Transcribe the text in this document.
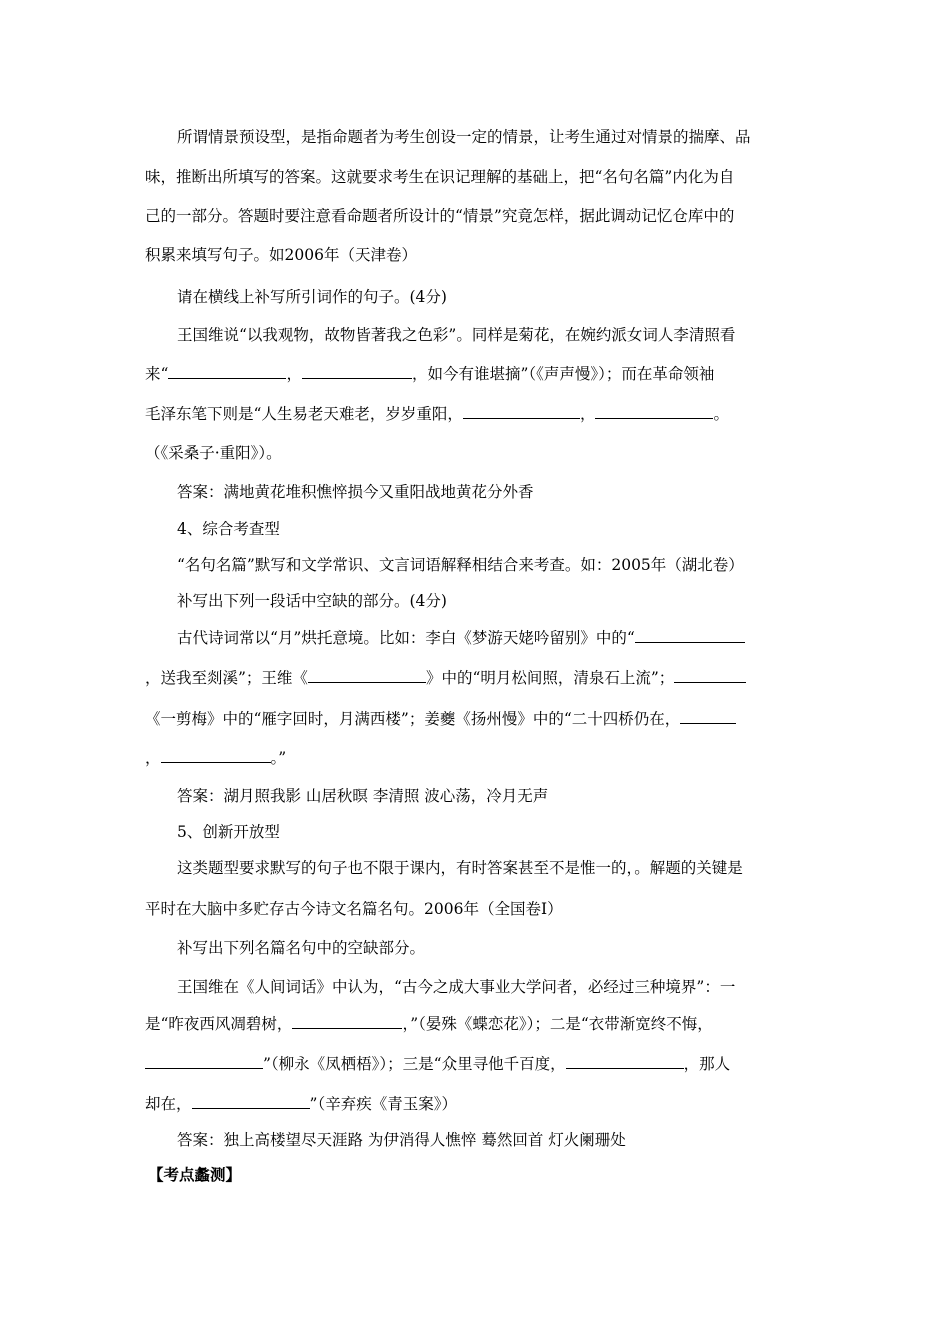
所谓情景预设型，是指命题者为考生创设一定的情景，让考生通过对情景的揣摩、品
味，推断出所填写的答案。这就要求考生在识记理解的基础上，把“名句名篇”内化为自
己的一部分。答题时要注意看命题者所设计的“情景”究竟怎样，据此调动记忆仓库中的
积累来填写句子。如2006年（天津卷）
请在横线上补写所引词作的句子。(4分)
王国维说“以我观物，故物皆著我之色彩”。同样是菊花，在婉约派女词人李清照看
来“	，	，如今有谁堪摘”（《声声慢》）；而在革命领袖
毛泽东笔下则是“人生易老天难老，岁岁重阳，	，	。
（《采桑子·重阳》）。
答案：满地黄花堆积憔悴损今又重阳战地黄花分外香
4、综合考查型
“名句名篇”默写和文学常识、文言词语解释相结合来考查。如：2005年（湖北卷）
补写出下列一段话中空缺的部分。(4分)
古代诗词常以“月”烘托意境。比如：李白《梦游天姥吟留别》中的“
，送我至剡溪”；王维《	》中的“明月松间照，清泉石上流”；
《一剪梅》中的“雁字回时，月满西楼”；姜夔《扬州慢》中的“二十四桥仍在，
，	。”
答案：湖月照我影 山居秋暝 李清照 波心荡，冷月无声
5、创新开放型
这类题型要求默写的句子也不限于课内，有时答案甚至不是惟一的，。解题的关键是
平时在大脑中多贮存古今诗文名篇名句。2006年（全国卷Ⅰ）
补写出下列名篇名句中的空缺部分。
王国维在《人间词话》中认为，“古今之成大事业大学问者，必经过三种境界”：一
是“昨夜西风凋碧树，	，”（晏殊《蝶恋花》）；二是“衣带渐宽终不悔，
”（柳永《凤栖梧》）；三是“众里寻他千百度，	，那人
却在，	”（辛弃疾《青玉案》）
答案：独上高楼望尽天涯路 为伊消得人憔悴 蓦然回首 灯火阑珊处
【考点蠡测】
